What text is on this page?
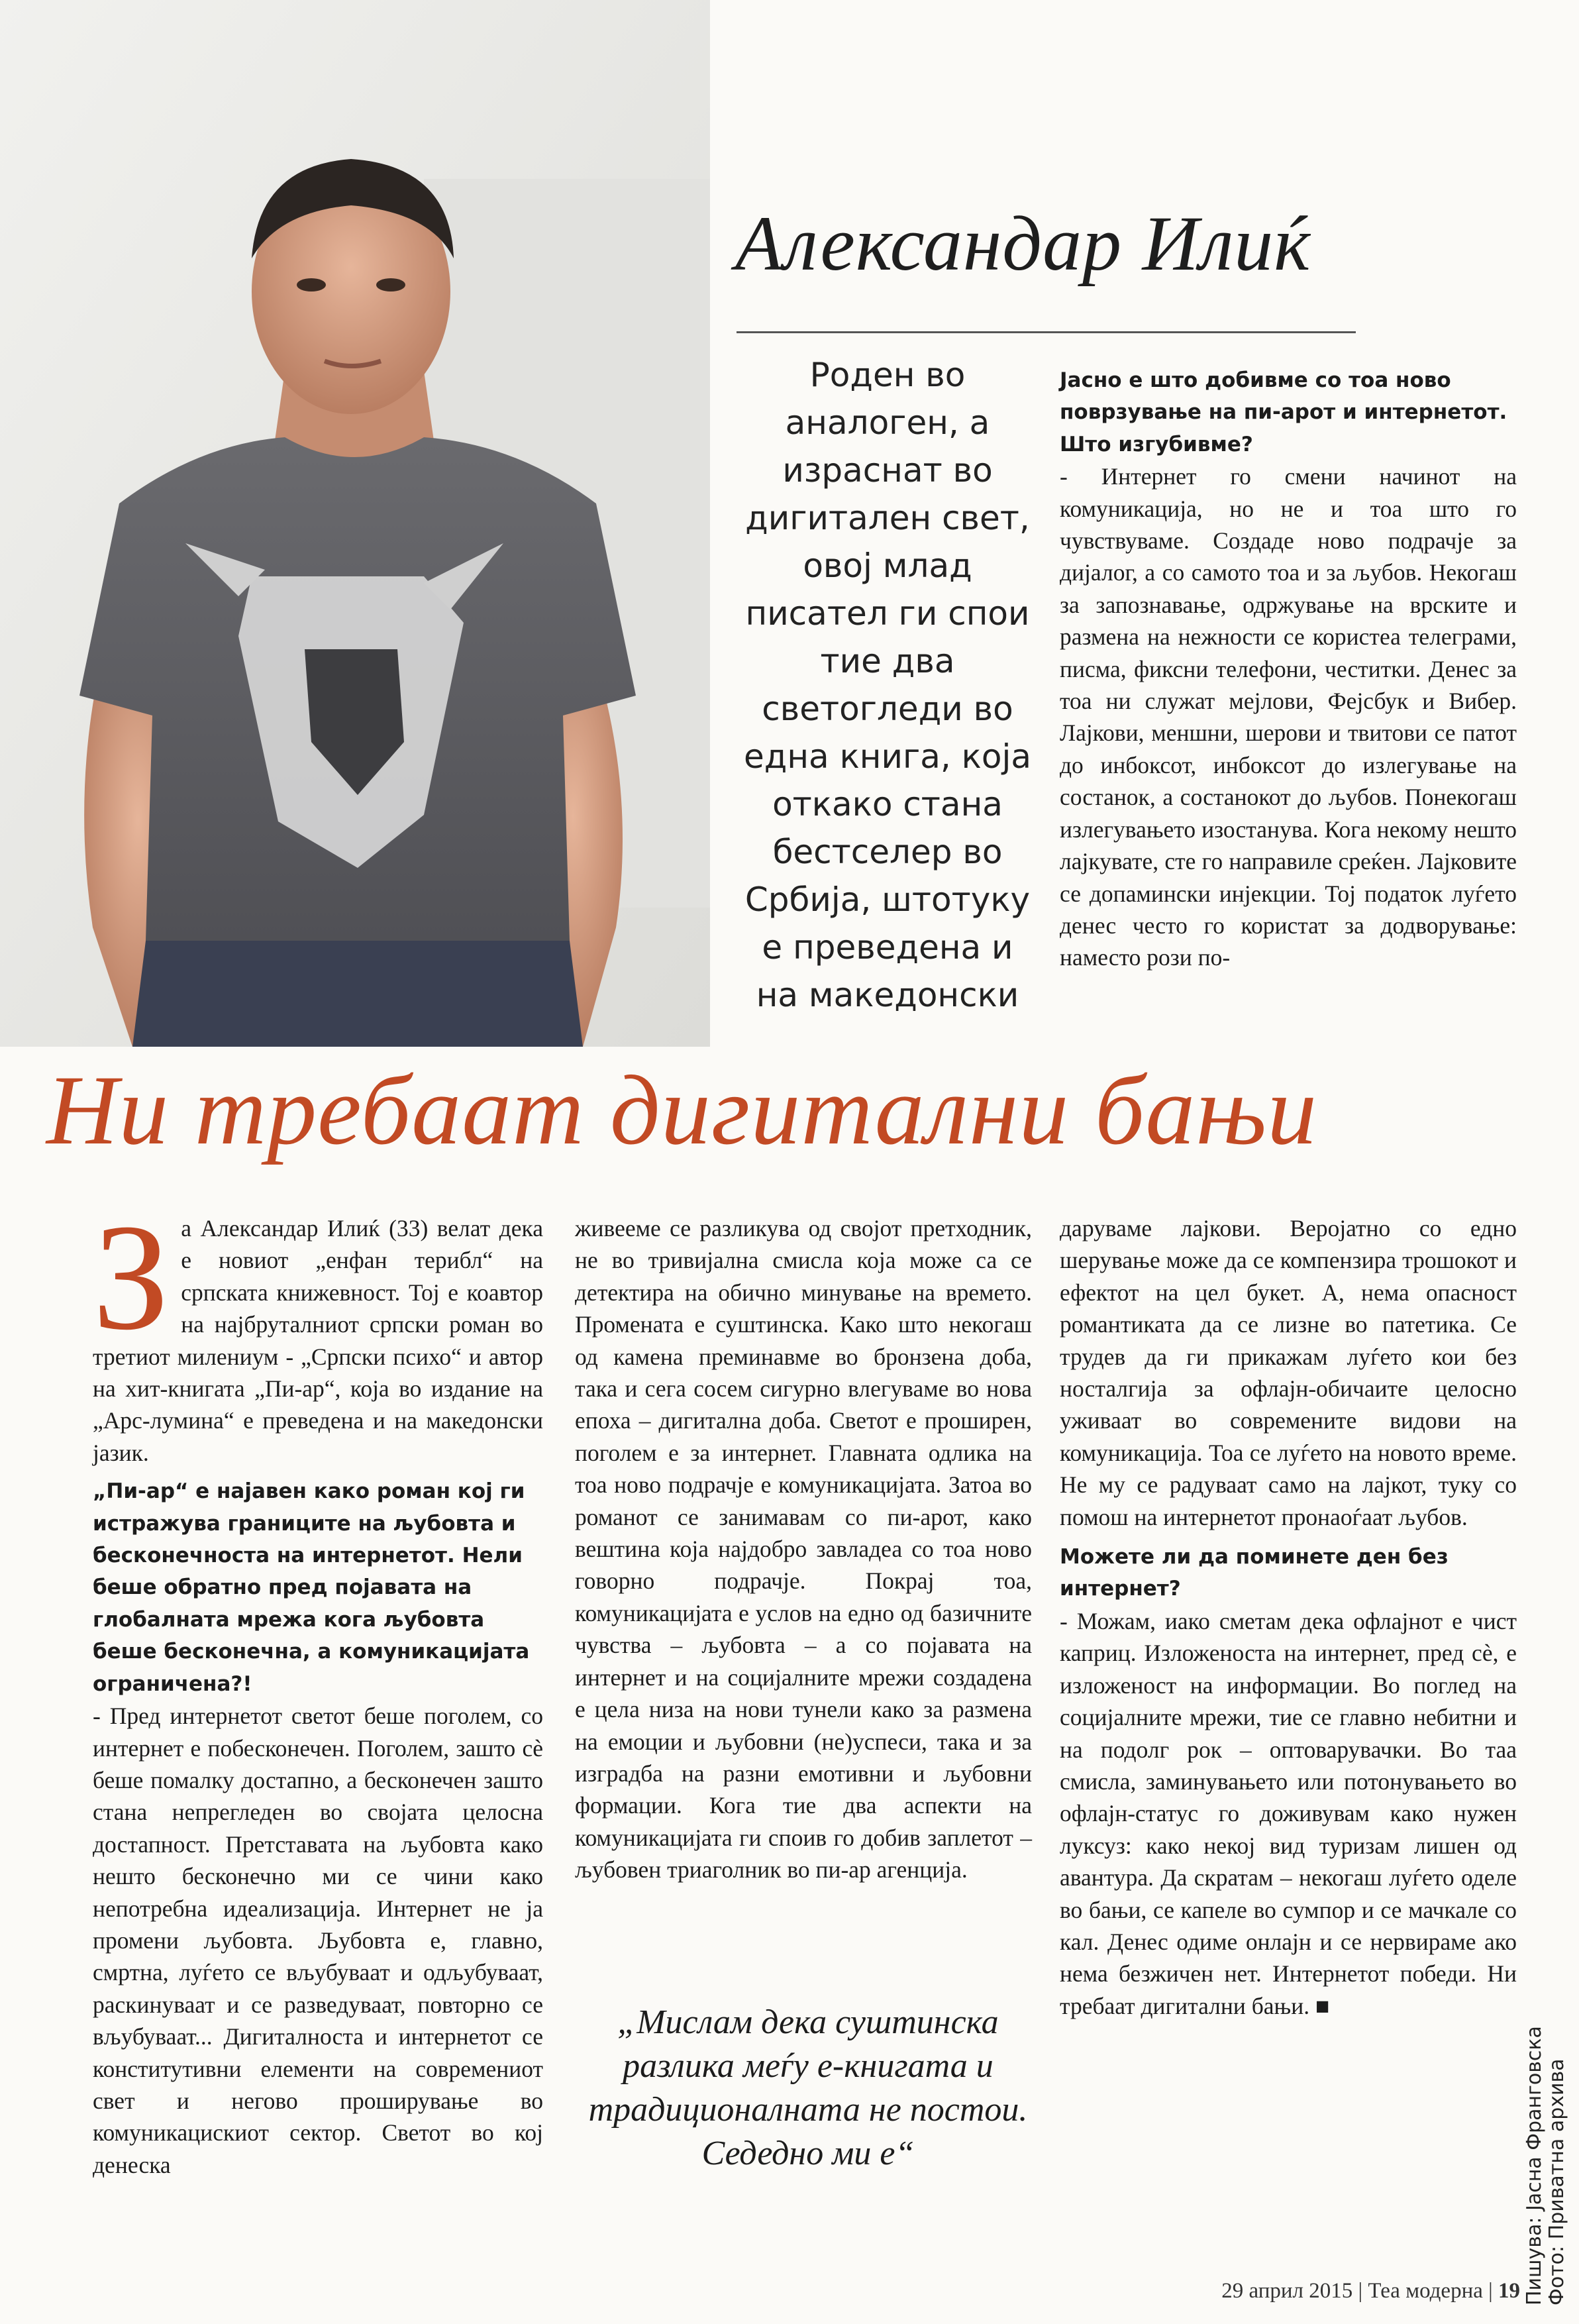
Александар Илиќ
Роден во аналоген, а израснат во дигитален свет, овој млад писател ги спои тие два светогледи во една книга, која откако стана бестселер во Србија, штотуку е преведена и на македонски

Јасно е што добивме со тоа ново поврзување на пи-арот и интернетот. Што изгубивме?

- Интернет го смени начинот на комуникација, но не и тоа што го чувствуваме. Создаде ново подрачје за дијалог, а со самото тоа и за љубов. Некогаш за запознавање, одржување на врските и размена на нежности се користеа телеграми, писма, фиксни телефони, честитки. Денес за тоа ни служат мејлови, Фејсбук и Вибер. Лајкови, меншни, шерови и твитови се патот до инбоксот, инбоксот до излегување на состанок, а состанокот до љубов. Понекогаш излегувањето изостанува. Кога некому нешто лајкувате, сте го направиле среќен. Лајковите се допамински инјекции. Тој податок луѓето денес често го користат за додворување: наместо рози по-

Ни требаат дигитални бањи

За Александар Илиќ (33) велат дека е новиот „енфан терибл“ на српската книжевност. Тој е коавтор на најбруталниот српски роман во третиот милениум - „Српски психо“ и автор на хит-книгата „Пи-ар“, која во издание на „Арс-лумина“ е преведена и на македонски јазик.

„Пи-ар“ е најавен како роман кој ги истражува границите на љубовта и бесконечноста на интернетот. Нели беше обратно пред појавата на глобалната мрежа кога љубовта беше бесконечна, а комуникацијата ограничена?!

- Пред интернетот светот беше поголем, со интернет е побесконечен. Поголем, зашто сè беше помалку достапно, а бесконечен зашто стана непрегледен во својата целосна достапност. Претставата на љубовта како нешто бесконечно ми се чини како непотребна идеализација. Интернет не ја промени љубовта. Љубовта е, главно, смртна, луѓето се вљубуваат и одљубуваат, раскинуваат и се разведуваат, повторно се вљубуваат... Дигиталноста и интернетот се конститутивни елементи на современиот свет и негово проширување во комуникацискиот сектор. Светот во кој денеска

живееме се разликува од својот претходник, не во тривијална смисла која може са се детектира на обично минување на времето. Промената е суштинска. Како што некогаш од камена преминавме во бронзена доба, така и сега сосем сигурно влегуваме во нова епоха – дигитална доба. Светот е проширен, поголем е за интернет. Главната одлика на тоа ново подрачје е комуникацијата. Затоа во романот се занимавам со пи-арот, како вештина која најдобро завладеа со тоа ново говорно подрачје. Покрај тоа, комуникацијата е услов на едно од базичните чувства – љубовта – а со појавата на интернет и на социјалните мрежи создадена е цела низа на нови тунели како за размена на емоции и љубовни (не)успеси, така и за изградба на разни емотивни и љубовни формации. Кога тие два аспекти на комуникацијата ги споив го добив заплетот – љубовен триаголник во пи-ар агенција.

„Мислам дека суштинска разлика меѓу е-книгата и традиционалната не постои. Седедно ми е“

даруваме лајкови. Веројатно со едно шерување може да се компензира трошокот и ефектот на цел букет. А, нема опасност романтиката да се лизне во патетика. Се трудев да ги прикажам луѓето кои без носталгија за офлајн-обичаите целосно уживаат во современите видови на комуникација. Тоа се луѓето на новото време. Не му се радуваат само на лајкот, туку со помош на интернетот пронаоѓаат љубов.

Можете ли да поминете ден без интернет?

- Можам, иако сметам дека офлајнот е чист каприц. Изложеноста на интернет, пред сè, е изложеност на информации. Во поглед на социјалните мрежи, тие се главно небитни и на подолг рок – оптоварувачки. Во таа смисла, заминувањето или потонувањето во офлајн-статус го доживувам како нужен луксуз: како некој вид туризам лишен од авантура. Да скратам – некогаш луѓето оделе во бањи, се капеле во сумпор и се мачкале со кал. Денес одиме онлајн и се нервираме ако нема безжичен нет. Интернетот победи. Ни требаат дигитални бањи. ■

29 април 2015 | Теа модерна | 19 Пишува: Јасна Франговска Фото: Приватна архива
